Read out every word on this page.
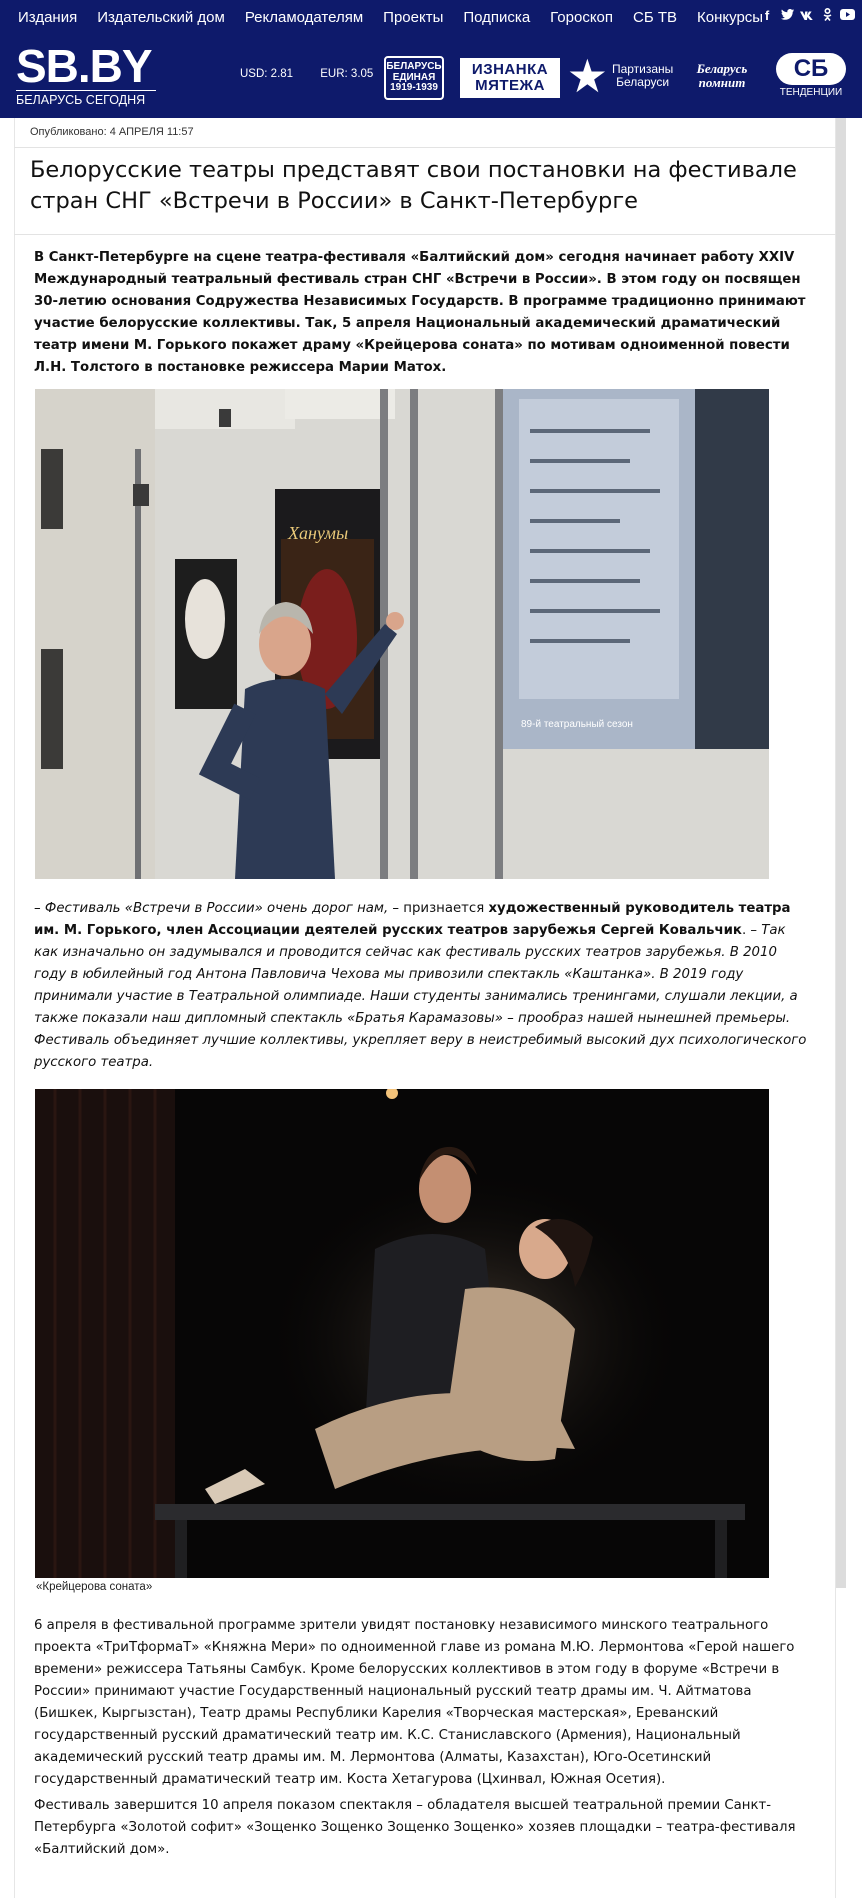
Издания Издательский дом Рекламодателям Проекты Подписка Гороскоп СБ ТВ Конкурсы f
SB.BY
БЕЛАРУСЬ СЕГОДНЯ
USD: 2.81 EUR: 3.05
БЕЛАРУСЬ ЕДИНАЯ 1919-1939
ИЗНАНКА МЯТЕЖА ★ Партизаны Беларуси
Беларусь помнит
СБ
ТЕНДЕНЦИИ
Опубликовано: 4 АПРЕЛЯ 11:57
Белорусские театры представят свои постановки на фестивале стран СНГ «Встречи в России» в Санкт-Петербурге

В Санкт-Петербурге на сцене театра-фестиваля «Балтийский дом» сегодня начинает работу XXIV Международный театральный фестиваль стран СНГ «Встречи в России». В этом году он посвящен 30-летию основания Содружества Независимых Государств. В программе традиционно принимают участие белорусские коллективы. Так, 5 апреля Национальный академический драматический театр имени М. Горького покажет драму «Крейцерова соната» по мотивам одноименной повести Л.Н. Толстого в постановке режиссера Марии Матох.

Ханумы
89-й театральный сезон

– Фестиваль «Встречи в России» очень дорог нам, – признается художественный руководитель театра им. М. Горького, член Ассоциации деятелей русских театров зарубежья Сергей Ковальчик. – Так как изначально он задумывался и проводится сейчас как фестиваль русских театров зарубежья. В 2010 году в юбилейный год Антона Павловича Чехова мы привозили спектакль «Каштанка». В 2019 году принимали участие в Театральной олимпиаде. Наши студенты занимались тренингами, слушали лекции, а также показали наш дипломный спектакль «Братья Карамазовы» – прообраз нашей нынешней премьеры. Фестиваль объединяет лучшие коллективы, укрепляет веру в неистребимый высокий дух психологического русского театра.

«Крейцерова соната»

6 апреля в фестивальной программе зрители увидят постановку независимого минского театрального проекта «ТриТформаТ» «Княжна Мери» по одноименной главе из романа М.Ю. Лермонтова «Герой нашего времени» режиссера Татьяны Самбук. Кроме белорусских коллективов в этом году в форуме «Встречи в России» принимают участие Государственный национальный русский театр драмы им. Ч. Айтматова (Бишкек, Кыргызстан), Театр драмы Республики Карелия «Творческая мастерская», Ереванский государственный русский драматический театр им. К.С. Станиславского (Армения), Национальный академический русский театр драмы им. М. Лермонтова (Алматы, Казахстан), Юго-Осетинский государственный драматический театр им. Коста Хетагурова (Цхинвал, Южная Осетия).

Фестиваль завершится 10 апреля показом спектакля – обладателя высшей театральной премии Санкт-Петербурга «Золотой софит» «Зощенко Зощенко Зощенко Зощенко» хозяев площадки – театра-фестиваля «Балтийский дом».
